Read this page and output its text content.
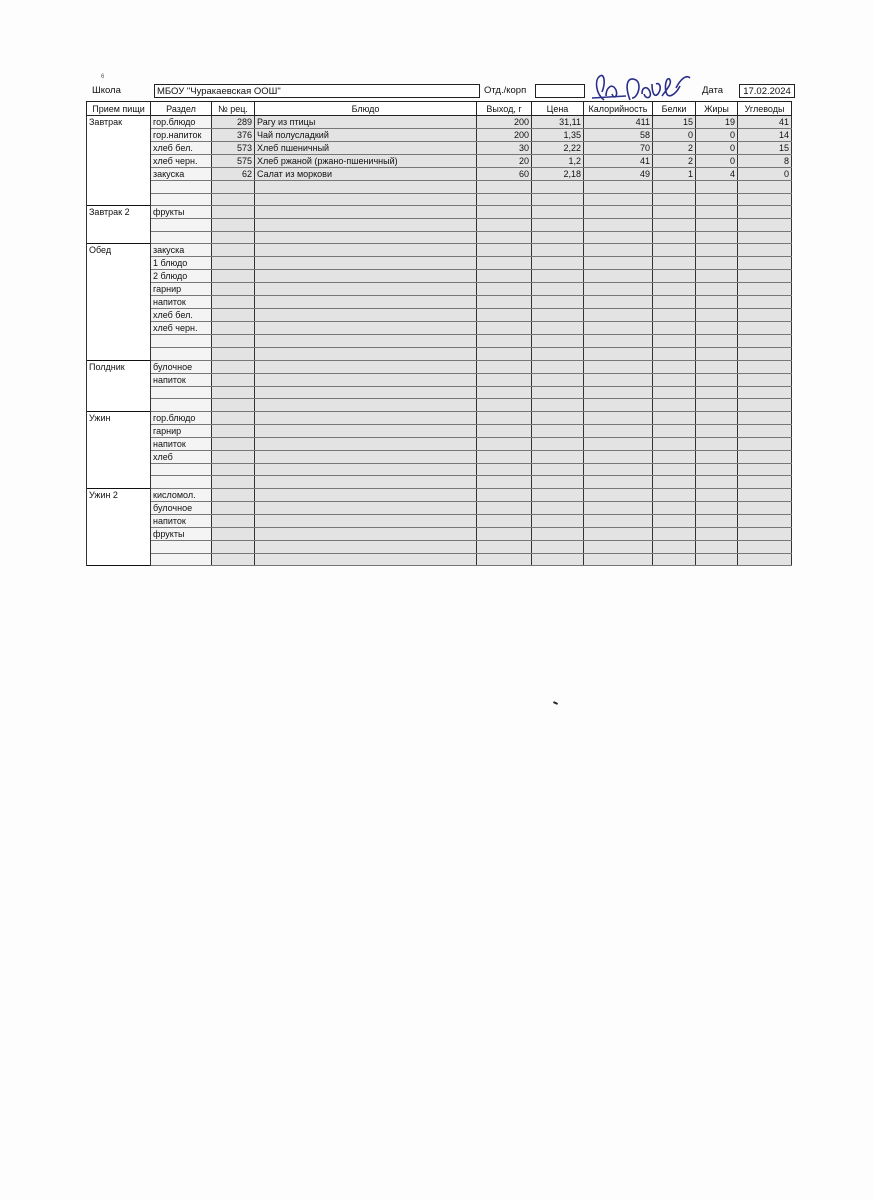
6
Школа	МБОУ "Чуракаевская ООШ"	Отд./корп	Дата	17.02.2024
Прием пищи	Раздел	№ рец.	Блюдо	Выход, г	Цена	Калорийность	Белки	Жиры	Углеводы
Завтрак	гор.блюдо	289	Рагу из птицы	200	31,11	411	15	19	41
	гор.напиток	376	Чай полусладкий	200	1,35	58	0	0	14
	хлеб бел.	573	Хлеб пшеничный	30	2,22	70	2	0	15
	хлеб черн.	575	Хлеб ржаной (ржано-пшеничный)	20	1,2	41	2	0	8
	закуска	62	Салат из моркови	60	2,18	49	1	4	0

Завтрак 2	фрукты								

Обед	закуска								
	1 блюдо								
	2 блюдо								
	гарнир								
	напиток								
	хлеб бел.								
	хлеб черн.								

Полдник	булочное								
	напиток								

Ужин	гор.блюдо								
	гарнир								
	напиток								
	хлеб								

Ужин 2	кисломол.								
	булочное								
	напиток								
	фрукты								
